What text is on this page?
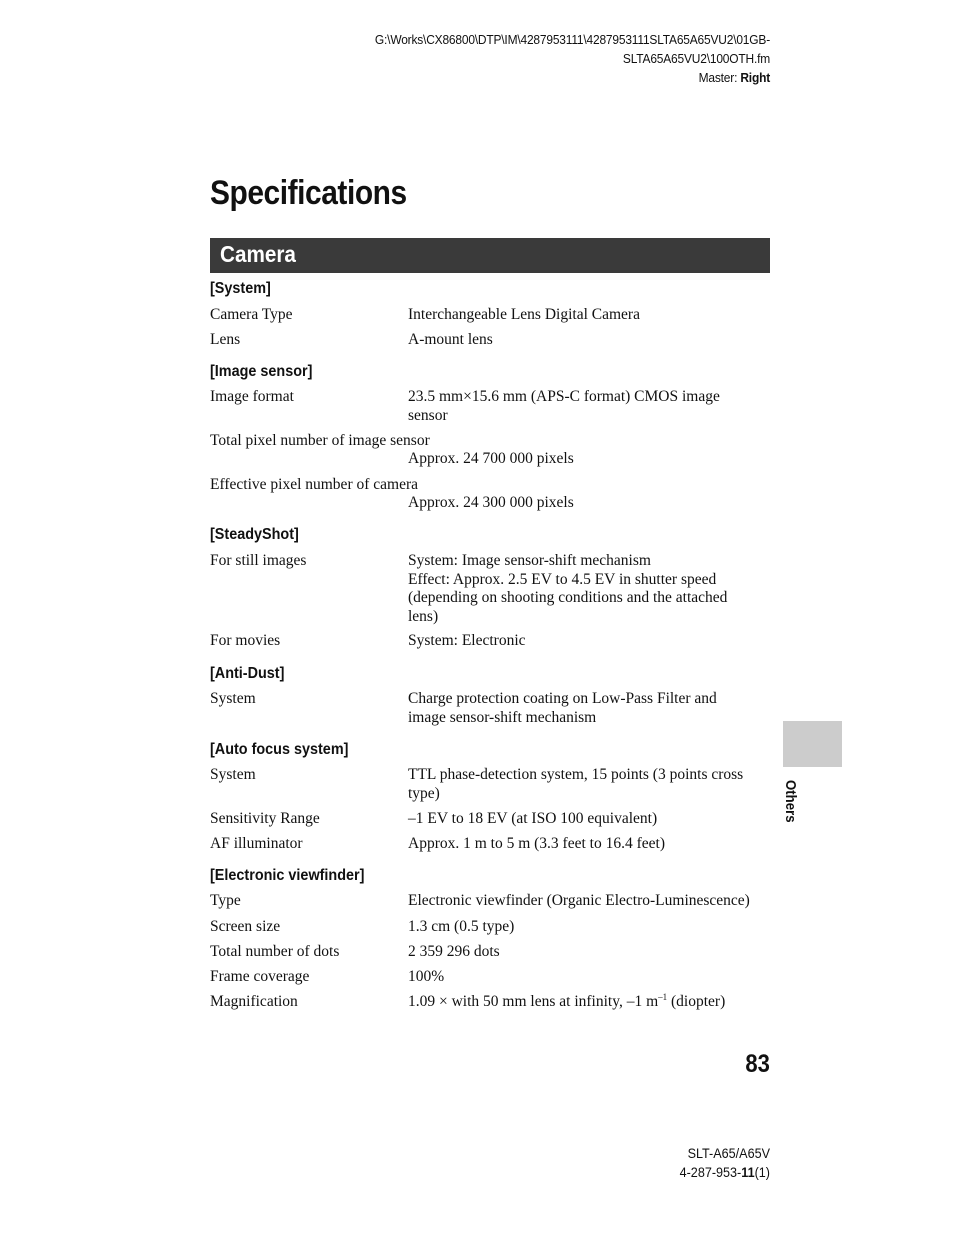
G:\Works\CX86800\DTP\IM\4287953111\4287953111SLTA65A65VU2\01GB-
SLTA65A65VU2\100OTH.fm
Master: Right
Specifications
Camera
[System]
Camera Type	Interchangeable Lens Digital Camera
Lens	A-mount lens
[Image sensor]
Image format	23.5 mm×15.6 mm (APS-C format) CMOS image sensor
Total pixel number of image sensor
Approx. 24 700 000 pixels
Effective pixel number of camera
Approx. 24 300 000 pixels
[SteadyShot]
For still images	System: Image sensor-shift mechanism
Effect: Approx. 2.5 EV to 4.5 EV in shutter speed (depending on shooting conditions and the attached lens)
For movies	System: Electronic
[Anti-Dust]
System	Charge protection coating on Low-Pass Filter and image sensor-shift mechanism
[Auto focus system]
System	TTL phase-detection system, 15 points (3 points cross type)
Sensitivity Range	–1 EV to 18 EV (at ISO 100 equivalent)
AF illuminator	Approx. 1 m to 5 m (3.3 feet to 16.4 feet)
[Electronic viewfinder]
Type	Electronic viewfinder (Organic Electro-Luminescence)
Screen size	1.3 cm (0.5 type)
Total number of dots	2 359 296 dots
Frame coverage	100%
Magnification	1.09 × with 50 mm lens at infinity, –1 $m^{-1}$ (diopter)
Others
83
SLT-A65/A65V
4-287-953-11(1)
